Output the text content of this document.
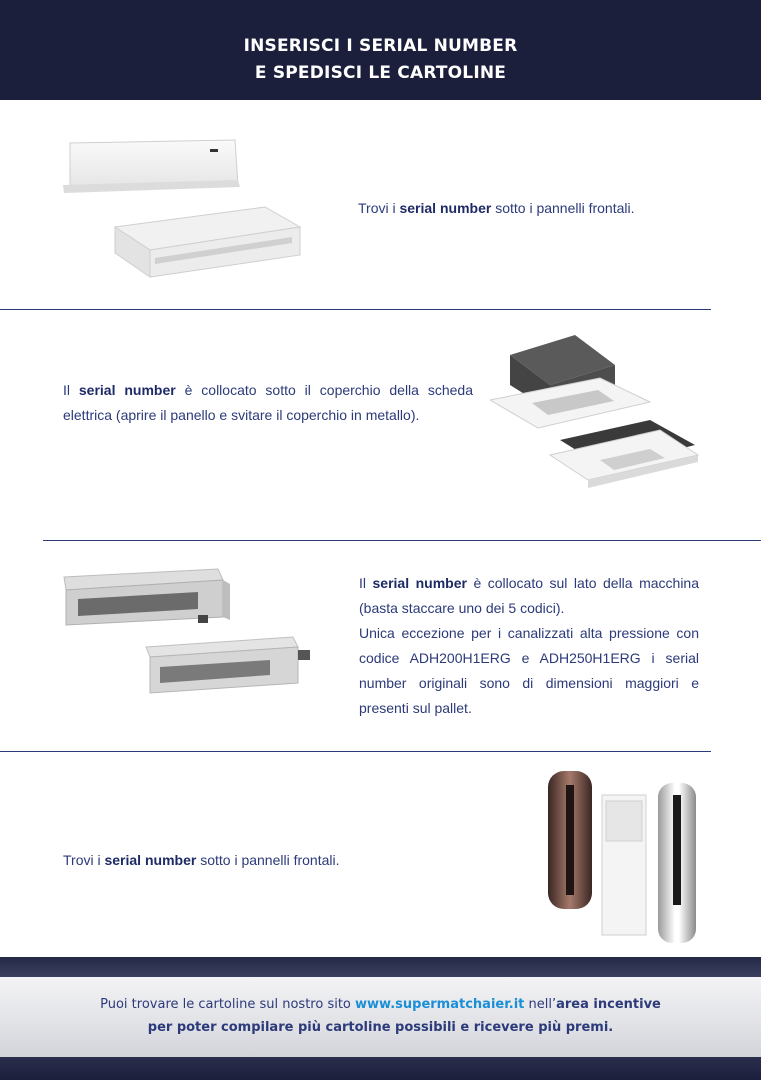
INSERISCI I SERIAL NUMBER
E SPEDISCI LE CARTOLINE
Trovi i serial number sotto i pannelli frontali.
Il serial number è collocato sotto il coperchio della scheda elettrica (aprire il panello e svitare il coperchio in metallo).
Il serial number è collocato sul lato della macchina (basta staccare uno dei 5 codici).
Unica eccezione per i canalizzati alta pressione con codice ADH200H1ERG e ADH250H1ERG i serial number originali sono di dimensioni maggiori e presenti sul pallet.
Trovi i serial number sotto i pannelli frontali.
Puoi trovare le cartoline sul nostro sito www.supermatchaier.it nell’area incentive
per poter compilare più cartoline possibili e ricevere più premi.
